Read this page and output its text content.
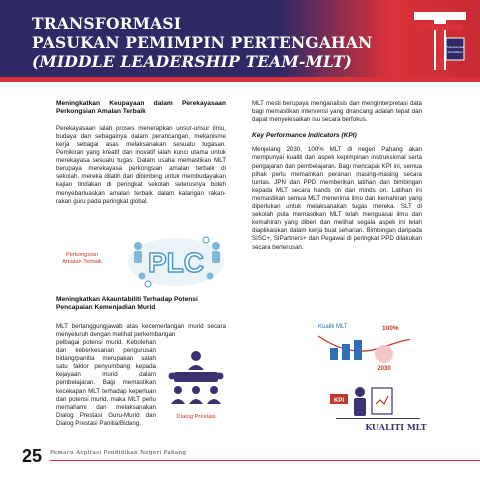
TRANSFORMASI
PASUKAN PEMIMPIN PERTENGAHAN
(MIDDLE LEADERSHIP TEAM-MLT)
Transformasi
Pendidikan
Meningkatkan Keupayaan dalam Perekayasaan Perkongsian Amalan Terbaik

Perekayasaan ialah proses menerapkan unsur-unsur ilmu, budaya dan sebagainya dalam perancangan, mekanisme kerja sebagai asas melaksanakan sesuatu tugasan. Pemikiran yang kreatif dan inovatif ialah kunci utama untuk merekayasa sesuatu tugas. Dalam usaha memastikan MLT berupaya merekayasa perkongsian amalan terbaik di sekolah, mereka dilatih dan dibimbing untuk membudayakan kajian tindakan di peringkat sekolah seterusnya boleh menyebarluaskan amalan terbaik dalam kalangan rakan-rakan guru pada peringkat global.

MLT mesti berupaya menganalisis dan menginterpretasi data bagi memastikan intervensi yang dirancang adalah tepat dan dapat menyelesaikan isu secara berfokus.

Key Performance Indicators (KPI)

Menjelang 2030, 100% MLT di negeri Pahang akan mempunyai kualiti dari aspek kepimpinan instruksional serta pengajaran dan pembelajaran. Bagi mencapai KPI ini, semua pihak perlu memainkan peranan masing-masing secara tuntas. JPN dan PPD memberikan latihan dan bimbingan kepada MLT secara hands on dan minds on. Latihan ini memastikan semua MLT menerima ilmu dan kemahiran yang diperlukan untuk melaksanakan tugas mereka. SLT di sekolah pula memastikan MLT telah menguasai ilmu dan kemahiran yang diberi dan melihat segala aspek ini telah diaplikasikan dalam kerja buat seharian. Bimbingan daripada SISC+, SIPartners+ dan Pegawai di peringkat PPD dilakukan secara berterusan.

PLC
Perkongsian Amalan Terbaik
Meningkatkan Akauntabiliti Terhadap Potensi Pencapaian Kemenjadian Murid

MLT bertanggungjawab atas kecemerlangan murid secara menyeluruh dengan melihat perkembangan

pelbagai potensi murid. Kebolehan dan keberkesanan pengurusan bidang/panitia merupakan salah satu faktor penyumbang kepada kejayaan murid dalam pembelajaran. Bagi memastikan kecekapan MLT terhadap keperluan dan potensi murid, maka MLT perlu memahami dan melaksanakan Dialog Prestasi Guru-Murid dan Dialog Prestasi Panitia/Bidang.
Dialog Prestasi
Kualiti MLT	100%
2030
KPI
KUALITI MLT
25 Pemacu Aspirasi Pendidikan Negeri Pahang
